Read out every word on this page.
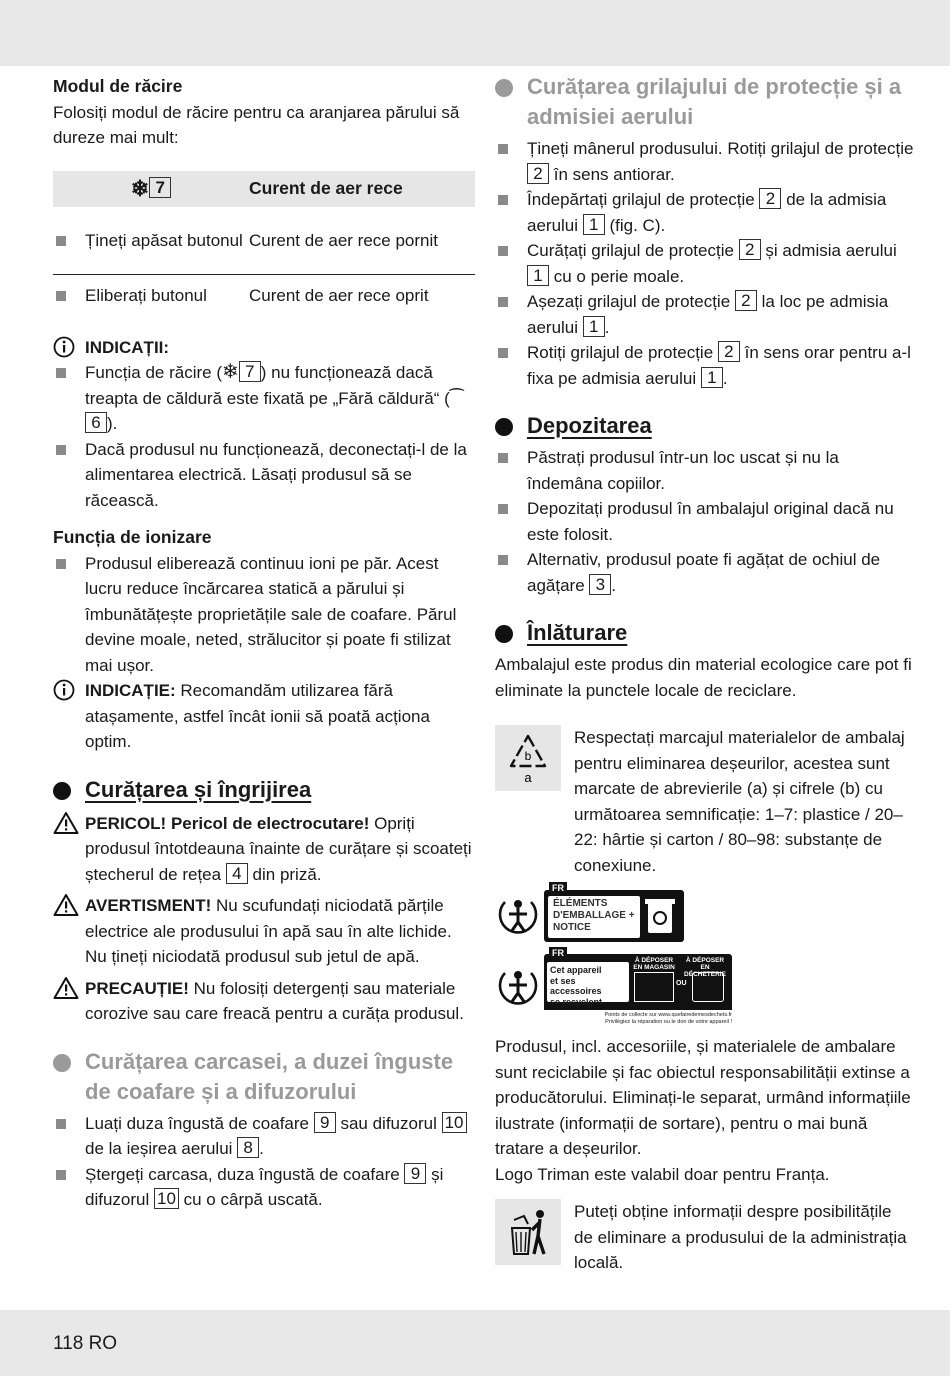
Modul de răcire

Folosiți modul de răcire pentru ca aranjarea părului să dureze mai mult:

❄ 7	Curent de aer rece

Țineți apăsat butonul	Curent de aer rece pornit

Eliberați butonul	Curent de aer rece oprit
INDICAȚII:

Funcția de răcire (❄ 7 ) nu funcționează dacă treapta de căldură este fixată pe „Fără căldură“ (⁀6 ).

Dacă produsul nu funcționează, deconectați-l de la alimentarea electrică. Lăsați produsul să se răcească.

Funcția de ionizare

Produsul eliberează continuu ioni pe păr. Acest lucru reduce încărcarea statică a părului și îmbunătățește proprietățile sale de coafare. Părul devine moale, neted, strălucitor și poate fi stilizat mai ușor.

INDICAȚIE: Recomandăm utilizarea fără atașamente, astfel încât ionii să poată acționa optim.
Curățarea și îngrijirea
PERICOL! Pericol de electrocutare! Opriți produsul întotdeauna înainte de curățare și scoateți ștecherul de rețea 4 din priză.
AVERTISMENT! Nu scufundați niciodată părțile electrice ale produsului în apă sau în alte lichide. Nu țineți niciodată produsul sub jetul de apă.
PRECAUȚIE! Nu folosiți detergenți sau materiale corozive sau care freacă pentru a curăța produsul.
Curățarea carcasei, a duzei înguste de coafare și a difuzorului

Luați duza îngustă de coafare 9 sau difuzorul 10 de la ieșirea aerului 8 .

Ștergeți carcasa, duza îngustă de coafare 9 și difuzorul 10 cu o cârpă uscată.

Curățarea grilajului de protecție și a admisiei aerului

Țineți mânerul produsului. Rotiți grilajul de protecție 2 în sens antiorar.

Îndepărtați grilajul de protecție 2 de la admisia aerului 1 (fig. C).

Curățați grilajul de protecție 2 și admisia aerului 1 cu o perie moale.

Așezați grilajul de protecție 2 la loc pe admisia aerului 1 .

Rotiți grilajul de protecție 2 în sens orar pentru a-l fixa pe admisia aerului 1 .

Depozitarea

Păstrați produsul într-un loc uscat și nu la îndemâna copiilor.

Depozitați produsul în ambalajul original dacă nu este folosit.

Alternativ, produsul poate fi agățat de ochiul de agățare 3 .

Înlăturare

Ambalajul este produs din material ecologice care pot fi eliminate la punctele locale de reciclare.

b
a

Respectați marcajul materialelor de ambalaj pentru eliminarea deșeurilor, acestea sunt marcate de abrevierile (a) și cifrele (b) cu următoarea semnificație: 1–7: plastice / 20–22: hârtie și carton / 80–98: substanțe de conexiune.

FR
ÉLÉMENTS
D'EMBALLAGE +
NOTICE
FR
Cet appareil
et ses accessoires
se recyclent
À DÉPOSER EN MAGASIN
À DÉPOSER EN DÉCHETERIE
OU
Points de collecte sur www.quefairedemesdechets.fr
Privilégiez la réparation ou le don de votre appareil !

Produsul, incl. accesoriile, și materialele de ambalare sunt reciclabile și fac obiectul responsabilității extinse a producătorului. Eliminați-le separat, urmând informațiile ilustrate (informații de sortare), pentru o mai bună tratare a deșeurilor.

Logo Triman este valabil doar pentru Franța.

Puteți obține informații despre posibilitățile de eliminare a produsului de la administrația locală.

118 RO
